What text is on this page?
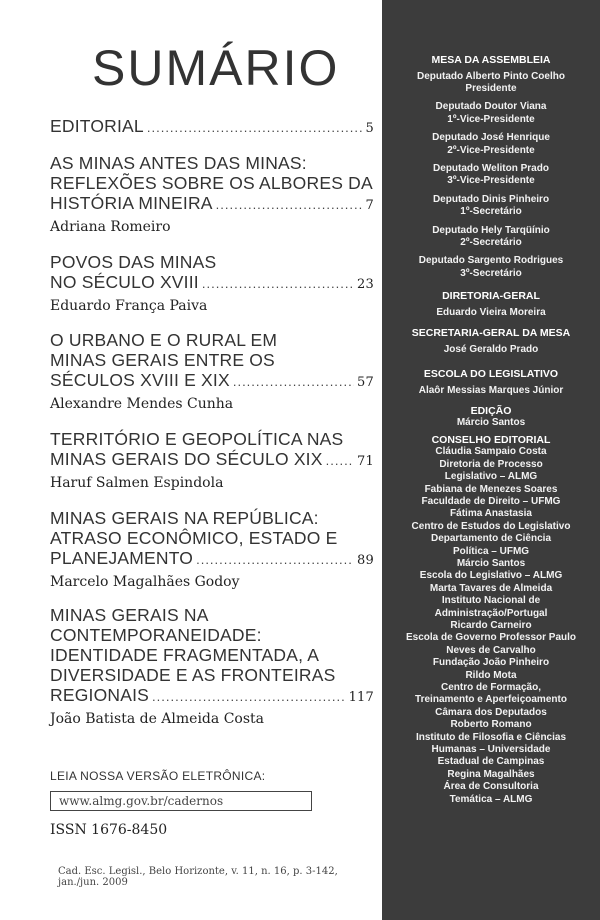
SUMÁRIO
EDITORIAL .....	5
AS MINAS ANTES DAS MINAS:
REFLEXÕES SOBRE OS ALBORES DA
HISTÓRIA MINEIRA .....	7
Adriana Romeiro
POVOS DAS MINAS
NO SÉCULO XVIII .....	23
Eduardo França Paiva
O URBANO E O RURAL EM
MINAS GERAIS ENTRE OS
SÉCULOS XVIII E XIX .....	57
Alexandre Mendes Cunha
TERRITÓRIO E GEOPOLÍTICA NAS
MINAS GERAIS DO SÉCULO XIX .....	71
Haruf Salmen Espindola
MINAS GERAIS NA REPÚBLICA:
ATRASO ECONÔMICO, ESTADO E
PLANEJAMENTO .....	89
Marcelo Magalhães Godoy
MINAS GERAIS NA
CONTEMPORANEIDADE:
IDENTIDADE FRAGMENTADA, A
DIVERSIDADE E AS FRONTEIRAS
REGIONAIS .....	117
João Batista de Almeida Costa
LEIA NOSSA VERSÃO ELETRÔNICA:
www.almg.gov.br/cadernos
ISSN 1676-8450
Cad. Esc. Legisl., Belo Horizonte, v. 11, n. 16, p. 3-142, jan./jun. 2009
MESA DA ASSEMBLEIA
Deputado Alberto Pinto Coelho
Presidente
Deputado Doutor Viana
1º-Vice-Presidente
Deputado José Henrique
2º-Vice-Presidente
Deputado Weliton Prado
3º-Vice-Presidente
Deputado Dinis Pinheiro
1º-Secretário
Deputado Hely Tarqüínio
2º-Secretário
Deputado Sargento Rodrigues
3º-Secretário
DIRETORIA-GERAL
Eduardo Vieira Moreira
SECRETARIA-GERAL DA MESA
José Geraldo Prado
ESCOLA DO LEGISLATIVO
Alaôr Messias Marques Júnior
EDIÇÃO
Márcio Santos
CONSELHO EDITORIAL
Cláudia Sampaio Costa
Diretoria de Processo
Legislativo – ALMG
Fabiana de Menezes Soares
Faculdade de Direito – UFMG
Fátima Anastasia
Centro de Estudos do Legislativo
Departamento de Ciência
Política – UFMG
Márcio Santos
Escola do Legislativo – ALMG
Marta Tavares de Almeida
Instituto Nacional de
Administração/Portugal
Ricardo Carneiro
Escola de Governo Professor Paulo
Neves de Carvalho
Fundação João Pinheiro
Rildo Mota
Centro de Formação,
Treinamento e Aperfeiçoamento
Câmara dos Deputados
Roberto Romano
Instituto de Filosofia e Ciências
Humanas – Universidade
Estadual de Campinas
Regina Magalhães
Área de Consultoria
Temática – ALMG
